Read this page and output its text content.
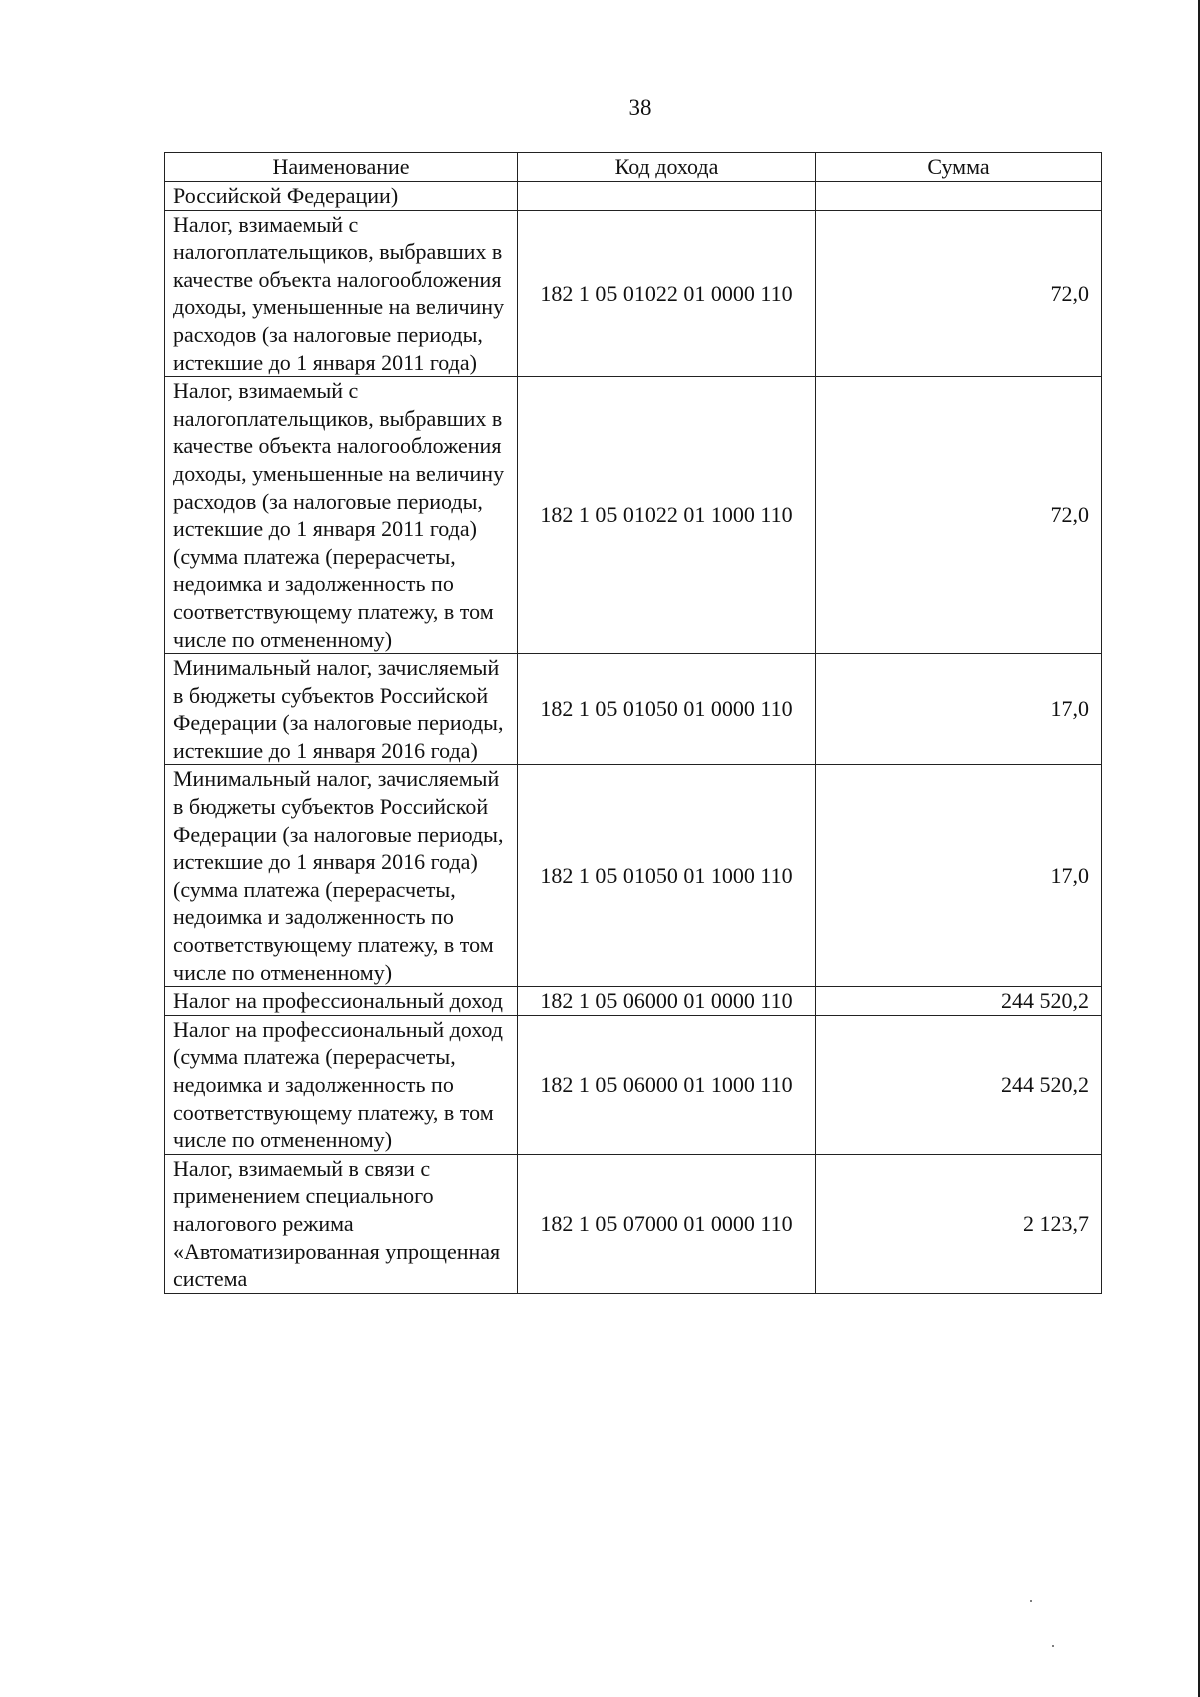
38
Наименование	Код дохода	Сумма
Российской Федерации)		
Налог, взимаемый с налогоплательщиков, выбравших в качестве объекта налогообложения доходы, уменьшенные на величину расходов (за налоговые периоды, истекшие до 1 января 2011 года)	182 1 05 01022 01 0000 110	72,0
Налог, взимаемый с налогоплательщиков, выбравших в качестве объекта налогообложения доходы, уменьшенные на величину расходов (за налоговые периоды, истекшие до 1 января 2011 года) (сумма платежа (перерасчеты, недоимка и задолженность по соответствующему платежу, в том числе по отмененному)	182 1 05 01022 01 1000 110	72,0
Минимальный налог, зачисляемый в бюджеты субъектов Российской Федерации (за налоговые периоды, истекшие до 1 января 2016 года)	182 1 05 01050 01 0000 110	17,0
Минимальный налог, зачисляемый в бюджеты субъектов Российской Федерации (за налоговые периоды, истекшие до 1 января 2016 года) (сумма платежа (перерасчеты, недоимка и задолженность по соответствующему платежу, в том числе по отмененному)	182 1 05 01050 01 1000 110	17,0
Налог на профессиональный доход	182 1 05 06000 01 0000 110	244 520,2
Налог на профессиональный доход (сумма платежа (перерасчеты, недоимка и задолженность по соответствующему платежу, в том числе по отмененному)	182 1 05 06000 01 1000 110	244 520,2
Налог, взимаемый в связи с применением специального налогового режима «Автоматизированная упрощенная система	182 1 05 07000 01 0000 110	2 123,7
